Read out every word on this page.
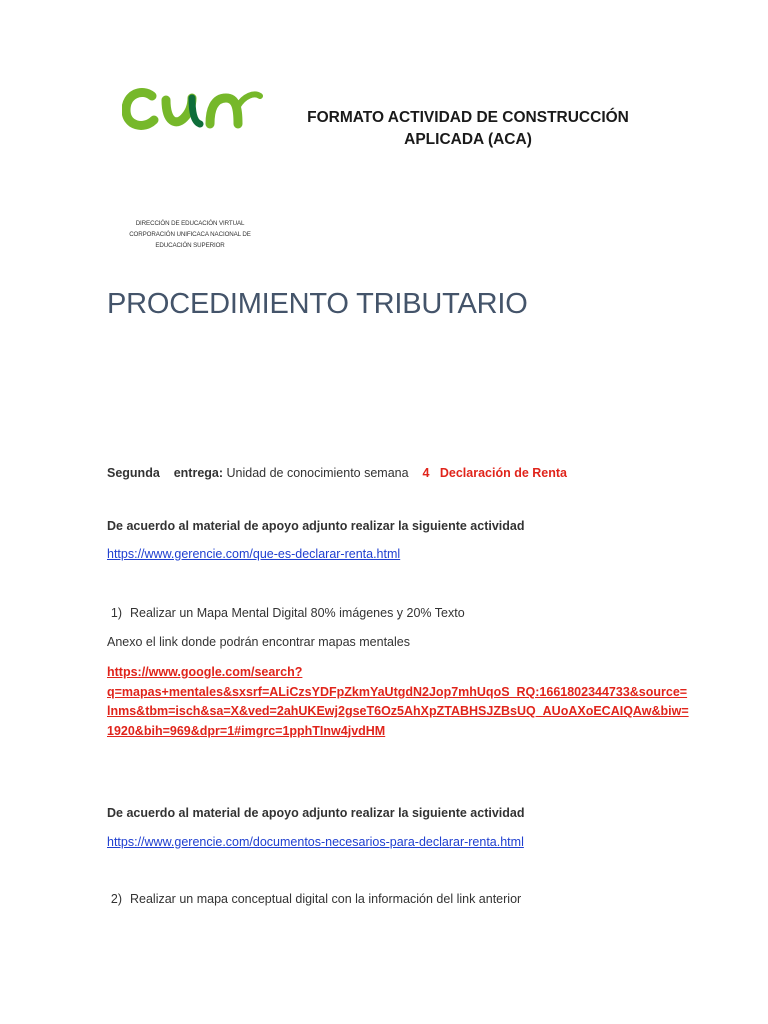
cun
FORMATO ACTIVIDAD DE CONSTRUCCIÓN
APLICADA (ACA)
DIRECCIÓN DE EDUCACIÓN VIRTUAL
CORPORACIÓN UNIFICACA NACIONAL DE
EDUCACIÓN SUPERIOR
PROCEDIMIENTO TRIBUTARIO
Segunda entrega: Unidad de conocimiento semana 4 Declaración de Renta
De acuerdo al material de apoyo adjunto realizar la siguiente actividad
https://www.gerencie.com/que-es-declarar-renta.html
1) Realizar un Mapa Mental Digital 80% imágenes y 20% Texto
Anexo el link donde podrán encontrar mapas mentales
https://www.google.com/search?
q=mapas+mentales&sxsrf=ALiCzsYDFpZkmYaUtgdN2Jop7mhUqoS_RQ:1661802344733&source=
lnms&tbm=isch&sa=X&ved=2ahUKEwj2gseT6Oz5AhXpZTABHSJZBsUQ_AUoAXoECAIQAw&biw=
1920&bih=969&dpr=1#imgrc=1pphTInw4jvdHM
De acuerdo al material de apoyo adjunto realizar la siguiente actividad
https://www.gerencie.com/documentos-necesarios-para-declarar-renta.html
2) Realizar un mapa conceptual digital con la información del link anterior
